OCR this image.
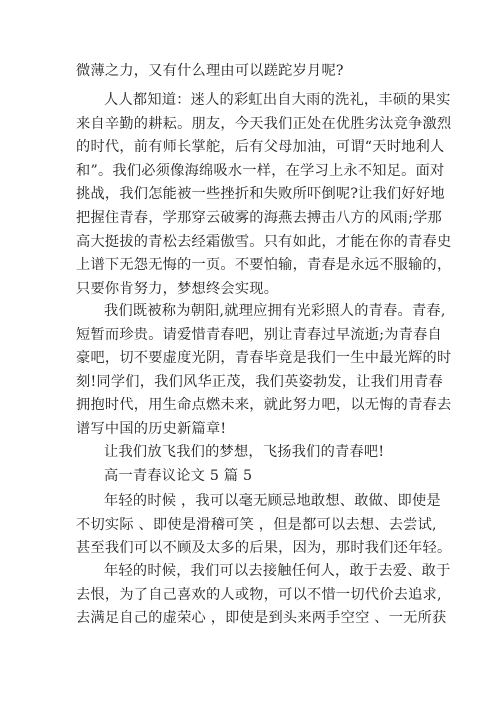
微薄之力，又有什么理由可以蹉跎岁月呢?

人人都知道：迷人的彩虹出自大雨的洗礼，丰硕的果实
来自辛勤的耕耘。朋友，今天我们正处在优胜劣汰竞争激烈
的时代，前有师长掌舵，后有父母加油，可谓“天时地利人
和”。我们必须像海绵吸水一样，在学习上永不知足。面对
挑战，我们怎能被一些挫折和失败所吓倒呢?让我们好好地
把握住青春，学那穿云破雾的海燕去搏击八方的风雨;学那
高大挺拔的青松去经霜傲雪。只有如此，才能在你的青春史
上谱下无怨无悔的一页。不要怕输，青春是永远不服输的，
只要你肯努力，梦想终会实现。

我们既被称为朝阳,就理应拥有光彩照人的青春。青春,
短暂而珍贵。请爱惜青春吧，别让青春过早流逝;为青春自
豪吧，切不要虚度光阴，青春毕竟是我们一生中最光辉的时
刻!同学们，我们风华正茂，我们英姿勃发，让我们用青春
拥抱时代，用生命点燃未来，就此努力吧，以无悔的青春去
谱写中国的历史新篇章!

让我们放飞我们的梦想，飞扬我们的青春吧!

高一青春议论文 5 篇 5

年轻的时候 ，我可以毫无顾忌地敢想、敢做、即使是
不切实际 、即使是滑稽可笑 ，但是都可以去想、去尝试,
甚至我们可以不顾及太多的后果，因为，那时我们还年轻。

年轻的时候，我们可以去接触任何人，敢于去爱、敢于
去恨，为了自己喜欢的人或物，可以不惜一切代价去追求,
去满足自己的虚荣心 ，即使是到头来两手空空 、一无所获
